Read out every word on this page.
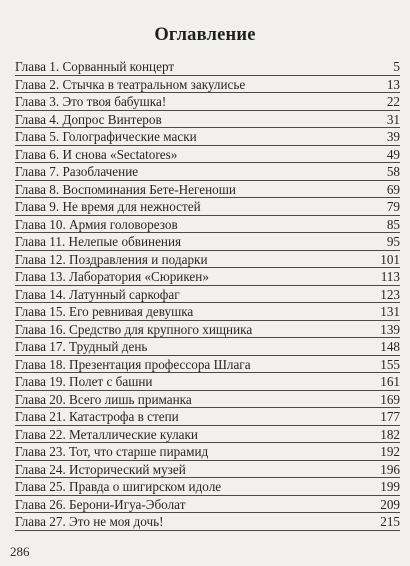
Оглавление
Глава 1. Сорванный концерт	5
Глава 2. Стычка в театральном закулисье	13
Глава 3. Это твоя бабушка!	22
Глава 4. Допрос Винтеров	31
Глава 5. Голографические маски	39
Глава 6. И снова «Sectatores»	49
Глава 7. Разоблачение	58
Глава 8. Воспоминания Бете-Негеноши	69
Глава 9. Не время для нежностей	79
Глава 10. Армия головорезов	85
Глава 11. Нелепые обвинения	95
Глава 12. Поздравления и подарки	101
Глава 13. Лаборатория «Сюрикен»	113
Глава 14. Латунный саркофаг	123
Глава 15. Его ревнивая девушка	131
Глава 16. Средство для крупного хищника	139
Глава 17. Трудный день	148
Глава 18. Презентация профессора Шлага	155
Глава 19. Полет с башни	161
Глава 20. Всего лишь приманка	169
Глава 21. Катастрофа в степи	177
Глава 22. Металлические кулаки	182
Глава 23. Тот, что старше пирамид	192
Глава 24. Исторический музей	196
Глава 25. Правда о шигирском идоле	199
Глава 26. Берони-Игуа-Эболат	209
Глава 27. Это не моя дочь!	215
286
